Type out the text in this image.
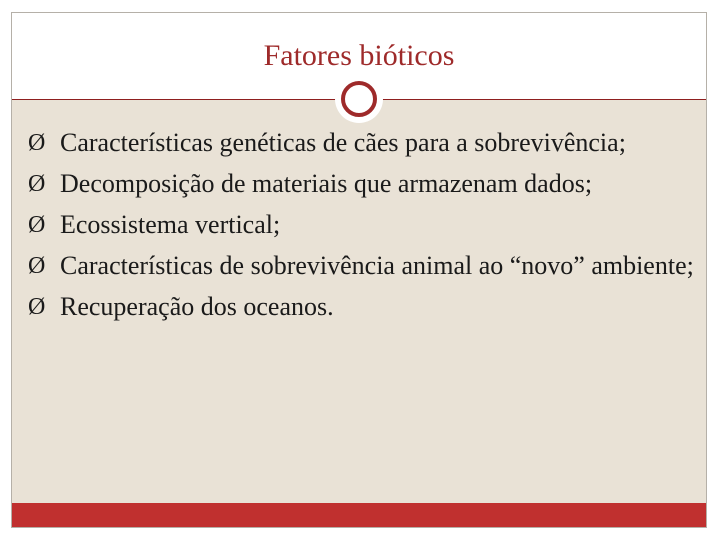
Fatores bióticos
Ø Características genéticas de cães para a sobrevivência;
Ø Decomposição de materiais que armazenam dados;
Ø Ecossistema vertical;
Ø Características de sobrevivência animal ao “novo” ambiente;
Ø Recuperação dos oceanos.
